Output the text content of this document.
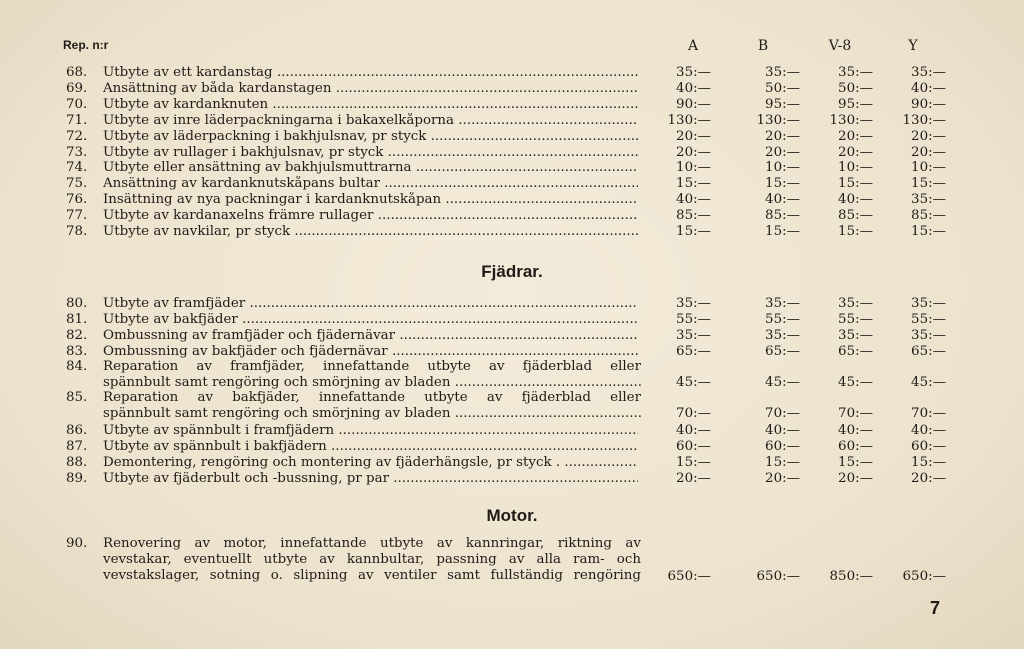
Rep. n:r	A	B	V-8	Y
68. Utbyte av ett kardanstag .....	35:—	35:—	35:—	35:—
69. Ansättning av båda kardanstagen .....	40:—	50:—	50:—	40:—
70. Utbyte av kardanknuten .....	90:—	95:—	95:—	90:—
71. Utbyte av inre läderpackningarna i bakaxelkåporna .....	130:—	130:—	130:—	130:—
72. Utbyte av läderpackning i bakhjulsnav, pr styck .....	20:—	20:—	20:—	20:—
73. Utbyte av rullager i bakhjulsnav, pr styck .....	20:—	20:—	20:—	20:—
74. Utbyte eller ansättning av bakhjulsmuttrarna .....	10:—	10:—	10:—	10:—
75. Ansättning av kardanknutskåpans bultar .....	15:—	15:—	15:—	15:—
76. Insättning av nya packningar i kardanknutskåpan .....	40:—	40:—	40:—	35:—
77. Utbyte av kardanaxelns främre rullager .....	85:—	85:—	85:—	85:—
78. Utbyte av navkilar, pr styck .....	15:—	15:—	15:—	15:—
Fjädrar.
80. Utbyte av framfjäder .....	35:—	35:—	35:—	35:—
81. Utbyte av bakfjäder .....	55:—	55:—	55:—	55:—
82. Ombussning av framfjäder och fjädernävar .....	35:—	35:—	35:—	35:—
83. Ombussning av bakfjäder och fjädernävar .....	65:—	65:—	65:—	65:—
84. Reparation av framfjäder, innefattande utbyte av fjäderblad eller
spännbult samt rengöring och smörjning av bladen .....	45:—	45:—	45:—	45:—
85. Reparation av bakfjäder, innefattande utbyte av fjäderblad eller
spännbult samt rengöring och smörjning av bladen .....	70:—	70:—	70:—	70:—
86. Utbyte av spännbult i framfjädern .....	40:—	40:—	40:—	40:—
87. Utbyte av spännbult i bakfjädern .....	60:—	60:—	60:—	60:—
88. Demontering, rengöring och montering av fjäderhängsle, pr styck . .....	15:—	15:—	15:—	15:—
89. Utbyte av fjäderbult och -bussning, pr par .....	20:—	20:—	20:—	20:—
Motor.
90. Renovering av motor, innefattande utbyte av kannringar, riktning av
vevstakar, eventuellt utbyte av kannbultar, passning av alla ram- och
vevstakslager, sotning o. slipning av ventiler samt fullständig rengöring	650:—	650:—	850:—	650:—
7
